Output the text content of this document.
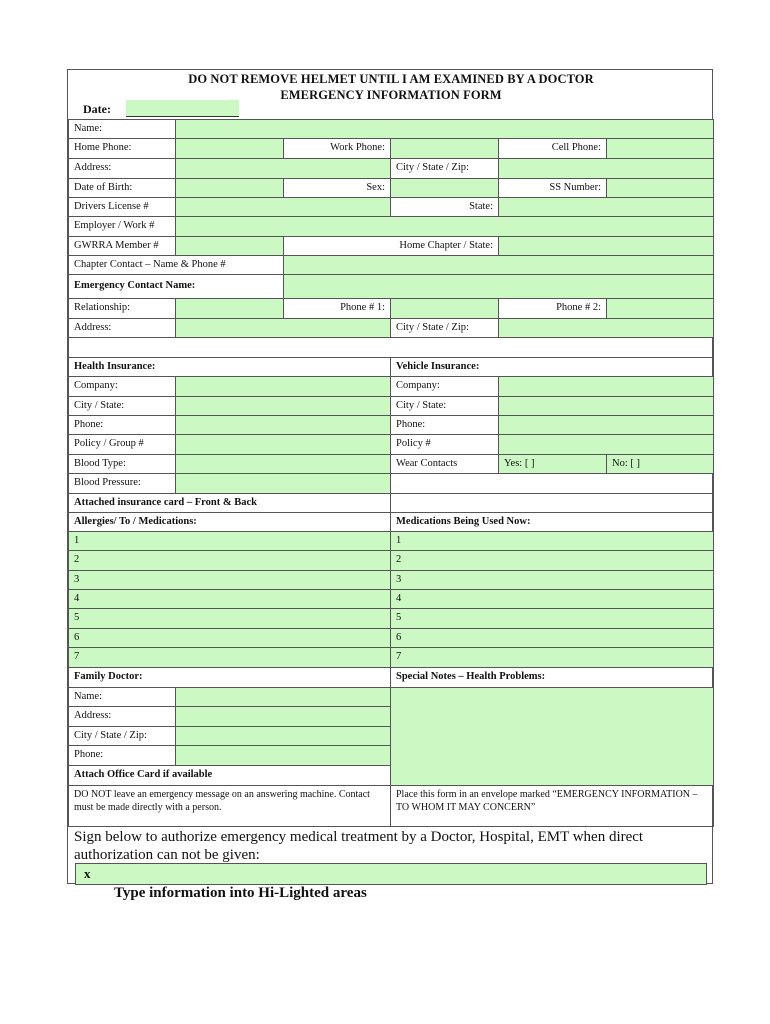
DO NOT REMOVE HELMET UNTIL I AM EXAMINED BY A DOCTOR
EMERGENCY INFORMATION FORM
Date:
Name:
Home Phone:	Work Phone:	Cell Phone:
Address:	City / State / Zip:
Date of Birth:	Sex:	SS Number:
Drivers License #	State:
Employer / Work #
GWRRA Member #	Home Chapter / State:
Chapter Contact – Name & Phone #
Emergency Contact Name:
Relationship:	Phone # 1:	Phone # 2:
Address:	City / State / Zip:
Health Insurance:	Vehicle Insurance:
Company:	Company:
City / State:	City / State:
Phone:	Phone:
Policy / Group #	Policy #
Blood Type:	Wear Contacts	Yes: [ ]	No: [ ]
Blood Pressure:
Attached insurance card – Front & Back
Allergies/ To / Medications:	Medications Being Used Now:
1	1
2	2
3	3
4	4
5	5
6	6
7	7
Family Doctor:	Special Notes – Health Problems:
Name:
Address:
City / State / Zip:
Phone:
Attach Office Card if available
DO NOT leave an emergency message on an answering machine. Contact must be made directly with a person.
Place this form in an envelope marked “EMERGENCY INFORMATION – TO WHOM IT MAY CONCERN”
Sign below to authorize emergency medical treatment by a Doctor, Hospital, EMT when direct authorization can not be given:
x
Type information into Hi-Lighted areas
